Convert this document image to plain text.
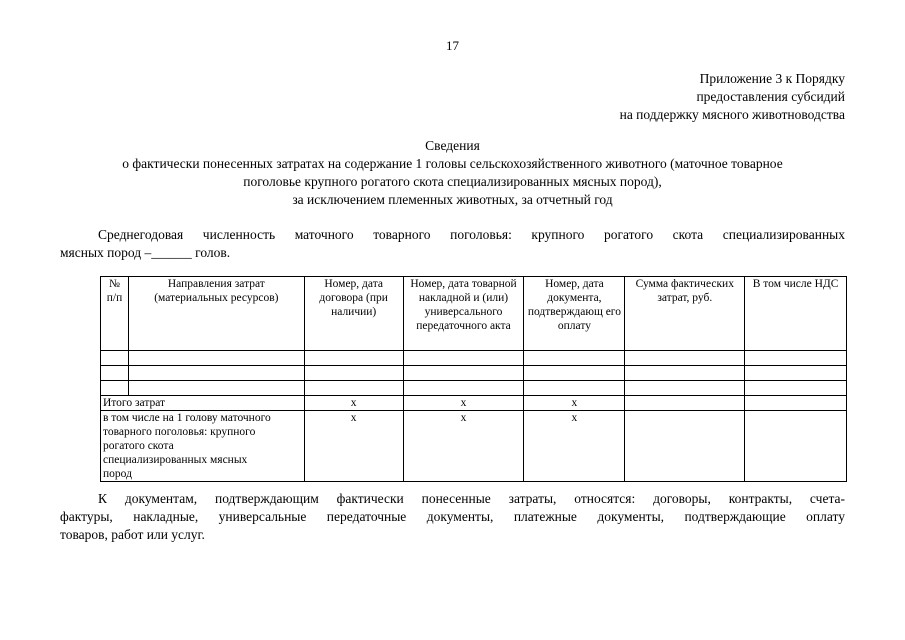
17
Приложение 3 к Порядку
предоставления субсидий
на поддержку мясного животноводства
Сведения
о фактически понесенных затратах на содержание 1 головы сельскохозяйственного животного (маточное товарное
поголовье крупного рогатого скота специализированных мясных пород),
за исключением племенных животных, за отчетный год
Среднегодовая численность маточного товарного поголовья: крупного рогатого скота специализированных
мясных пород –______ голов.
№ п/п	Направления затрат (материальных ресурсов)	Номер, дата договора (при наличии)	Номер, дата товарной накладной и (или) универсального передаточного акта	Номер, дата документа, подтверждающ его оплату	Сумма фактических затрат, руб.	В том числе НДС

Итого затрат		х	х	х		
в том числе на 1 голову маточного товарного поголовья: крупного рогатого скота специализированных мясных пород		х	х	х		
К документам, подтверждающим фактически понесенные затраты, относятся: договоры, контракты, счета-
фактуры, накладные, универсальные передаточные документы, платежные документы, подтверждающие оплату
товаров, работ или услуг.
